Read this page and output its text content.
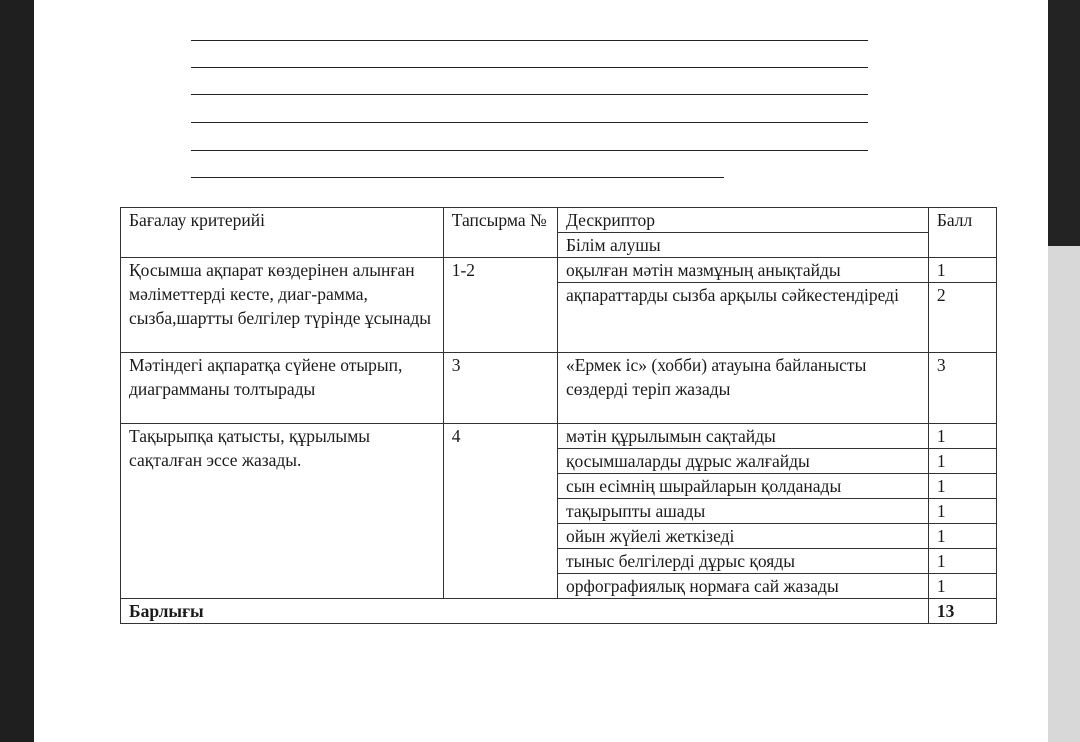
Бағалау критерийі	Тапсырма №	Дескриптор	Балл
		Білім алушы	
Қосымша ақпарат көздерінен алынған мәліметтерді кесте, диаг-рамма, сызба,шартты белгілер түрінде ұсынады	1-2	оқылған мәтін мазмұның анықтайды	1
		ақпараттарды сызба арқылы сәйкестендіреді	2
Мәтіндегі ақпаратқа сүйене отырып, диаграмманы толтырады	3	«Ермек іс» (хобби) атауына байланысты сөздерді теріп жазады	3
Тақырыпқа қатысты, құрылымы сақталған эссе жазады.	4	мәтін құрылымын сақтайды	1
		қосымшаларды дұрыс жалғайды	1
		сын есімнің шырайларын қолданады	1
		тақырыпты ашады	1
		ойын жүйелі жеткізеді	1
		тыныс белгілерді дұрыс қояды	1
		орфографиялық нормаға сай жазады	1
Барлығы			13
